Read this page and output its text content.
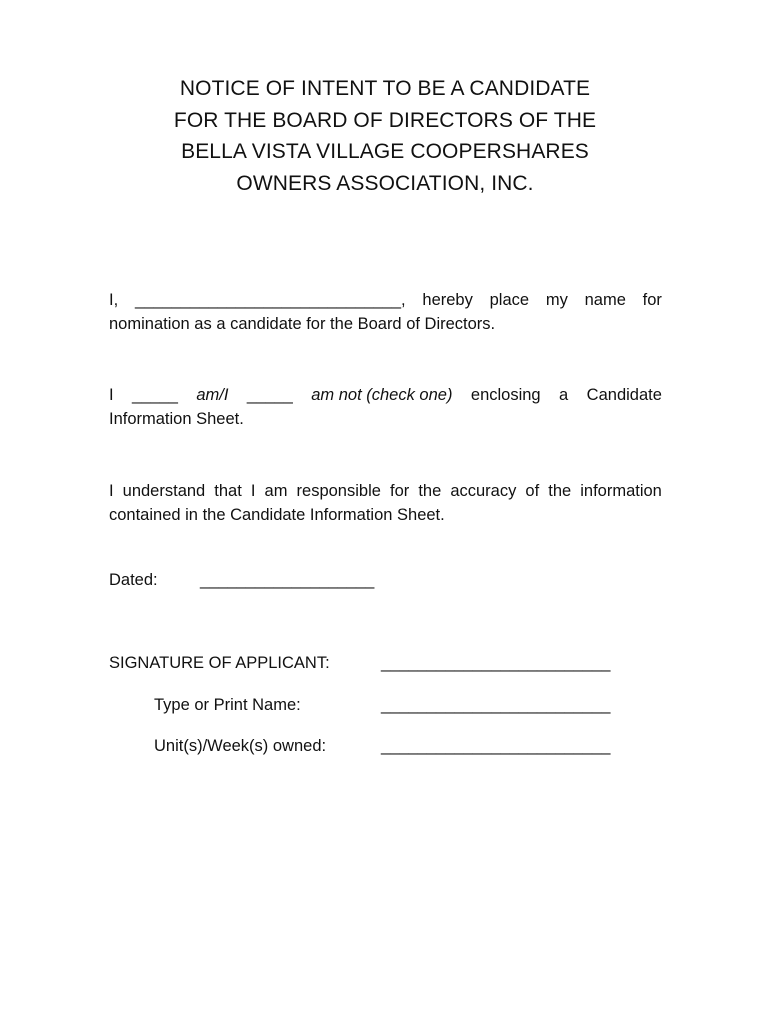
NOTICE OF INTENT TO BE A CANDIDATE
FOR THE BOARD OF DIRECTORS OF THE
BELLA VISTA VILLAGE COOPERSHARES
OWNERS ASSOCIATION, INC.
I, _____________________________, hereby place my name for
nomination as a candidate for the Board of Directors.
I _____ am/I _____ am not (check one) enclosing a Candidate
Information Sheet.
I understand that I am responsible for the accuracy of the information
contained in the Candidate Information Sheet.
Dated:	___________________
SIGNATURE OF APPLICANT:	_________________________
Type or Print Name:	_________________________
Unit(s)/Week(s) owned:	_________________________
